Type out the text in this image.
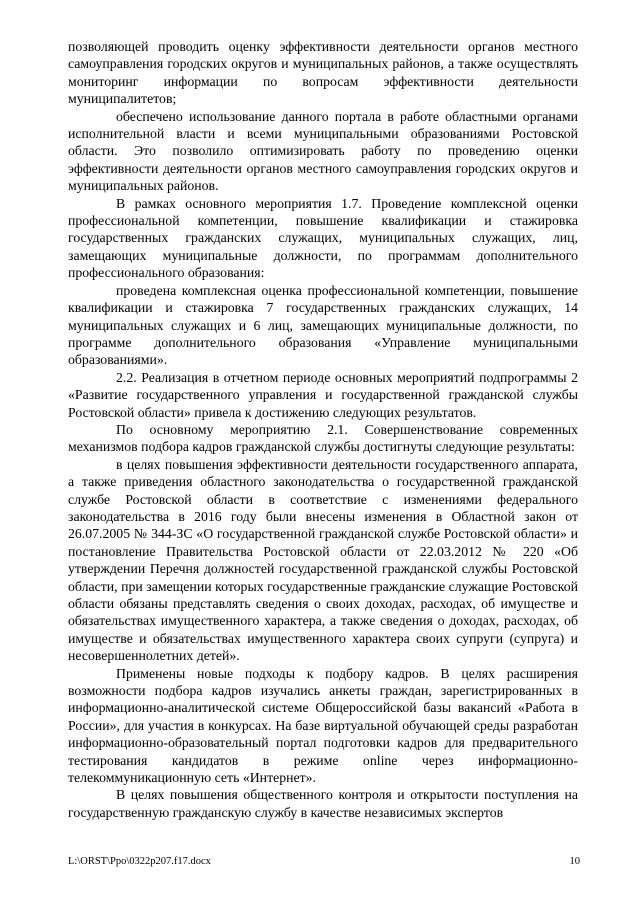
позволяющей проводить оценку эффективности деятельности органов местного самоуправления городских округов и муниципальных районов, а также осуществлять мониторинг информации по вопросам эффективности деятельности муниципалитетов;

обеспечено использование данного портала в работе областными органами исполнительной власти и всеми муниципальными образованиями Ростовской области. Это позволило оптимизировать работу по проведению оценки эффективности деятельности органов местного самоуправления городских округов и муниципальных районов.

В рамках основного мероприятия 1.7. Проведение комплексной оценки профессиональной компетенции, повышение квалификации и стажировка государственных гражданских служащих, муниципальных служащих, лиц, замещающих муниципальные должности, по программам дополнительного профессионального образования:

проведена комплексная оценка профессиональной компетенции, повышение квалификации и стажировка 7 государственных гражданских служащих, 14 муниципальных служащих и 6 лиц, замещающих муниципальные должности, по программе дополнительного образования «Управление муниципальными образованиями».

2.2. Реализация в отчетном периоде основных мероприятий подпрограммы 2 «Развитие государственного управления и государственной гражданской службы Ростовской области» привела к достижению следующих результатов.

По основному мероприятию 2.1. Совершенствование современных механизмов подбора кадров гражданской службы достигнуты следующие результаты:

в целях повышения эффективности деятельности государственного аппарата, а также приведения областного законодательства о государственной гражданской службе Ростовской области в соответствие с изменениями федерального законодательства в 2016 году были внесены изменения в Областной закон от 26.07.2005 № 344-ЗС «О государственной гражданской службе Ростовской области» и постановление Правительства Ростовской области от 22.03.2012 № 220 «Об утверждении Перечня должностей государственной гражданской службы Ростовской области, при замещении которых государственные гражданские служащие Ростовской области обязаны представлять сведения о своих доходах, расходах, об имуществе и обязательствах имущественного характера, а также сведения о доходах, расходах, об имуществе и обязательствах имущественного характера своих супруги (супруга) и несовершеннолетних детей».

Применены новые подходы к подбору кадров. В целях расширения возможности подбора кадров изучались анкеты граждан, зарегистрированных в информационно-аналитической системе Общероссийской базы вакансий «Работа в России», для участия в конкурсах. На базе виртуальной обучающей среды разработан информационно-образовательный портал подготовки кадров для предварительного тестирования кандидатов в режиме online через информационно-телекоммуникационную сеть «Интернет».

В целях повышения общественного контроля и открытости поступления на государственную гражданскую службу в качестве независимых экспертов

L:\ORST\Ppo\0322p207.f17.docx	10
